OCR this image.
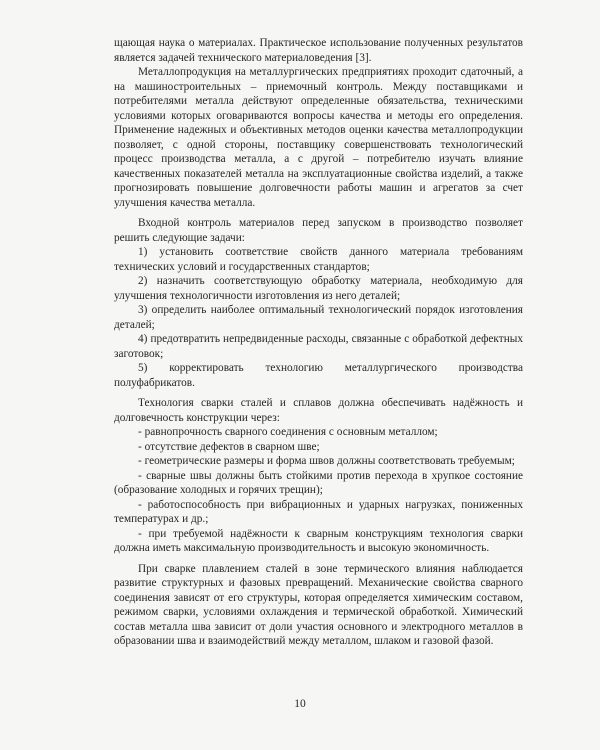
щающая наука о материалах. Практическое использование полученных результатов является задачей технического материаловедения [3].

Металлопродукция на металлургических предприятиях проходит сдаточный, а на машиностроительных – приемочный контроль. Между поставщиками и потребителями металла действуют определенные обязательства, техническими условиями которых оговариваются вопросы качества и методы его определения. Применение надежных и объективных методов оценки качества металлопродукции позволяет, с одной стороны, поставщику совершенствовать технологический процесс производства металла, а с другой – потребителю изучать влияние качественных показателей металла на эксплуатационные свойства изделий, а также прогнозировать повышение долговечности работы машин и агрегатов за счет улучшения качества металла.

Входной контроль материалов перед запуском в производство позволяет решить следующие задачи:

1) установить соответствие свойств данного материала требованиям технических условий и государственных стандартов;

2) назначить соответствующую обработку материала, необходимую для улучшения технологичности изготовления из него деталей;

3) определить наиболее оптимальный технологический порядок изготовления деталей;

4) предотвратить непредвиденные расходы, связанные с обработкой дефектных заготовок;

5) корректировать технологию металлургического производства полуфабрикатов.

Технология сварки сталей и сплавов должна обеспечивать надёжность и долговечность конструкции через:

- равнопрочность сварного соединения с основным металлом;

- отсутствие дефектов в сварном шве;

- геометрические размеры и форма швов должны соответствовать требуемым;

- сварные швы должны быть стойкими против перехода в хрупкое состояние (образование холодных и горячих трещин);

- работоспособность при вибрационных и ударных нагрузках, пониженных температурах и др.;

- при требуемой надёжности к сварным конструкциям технология сварки должна иметь максимальную производительность и высокую экономичность.

При сварке плавлением сталей в зоне термического влияния наблюдается развитие структурных и фазовых превращений. Механические свойства сварного соединения зависят от его структуры, которая определяется химическим составом, режимом сварки, условиями охлаждения и термической обработкой. Химический состав металла шва зависит от доли участия основного и электродного металлов в образовании шва и взаимодействий между металлом, шлаком и газовой фазой.

10
